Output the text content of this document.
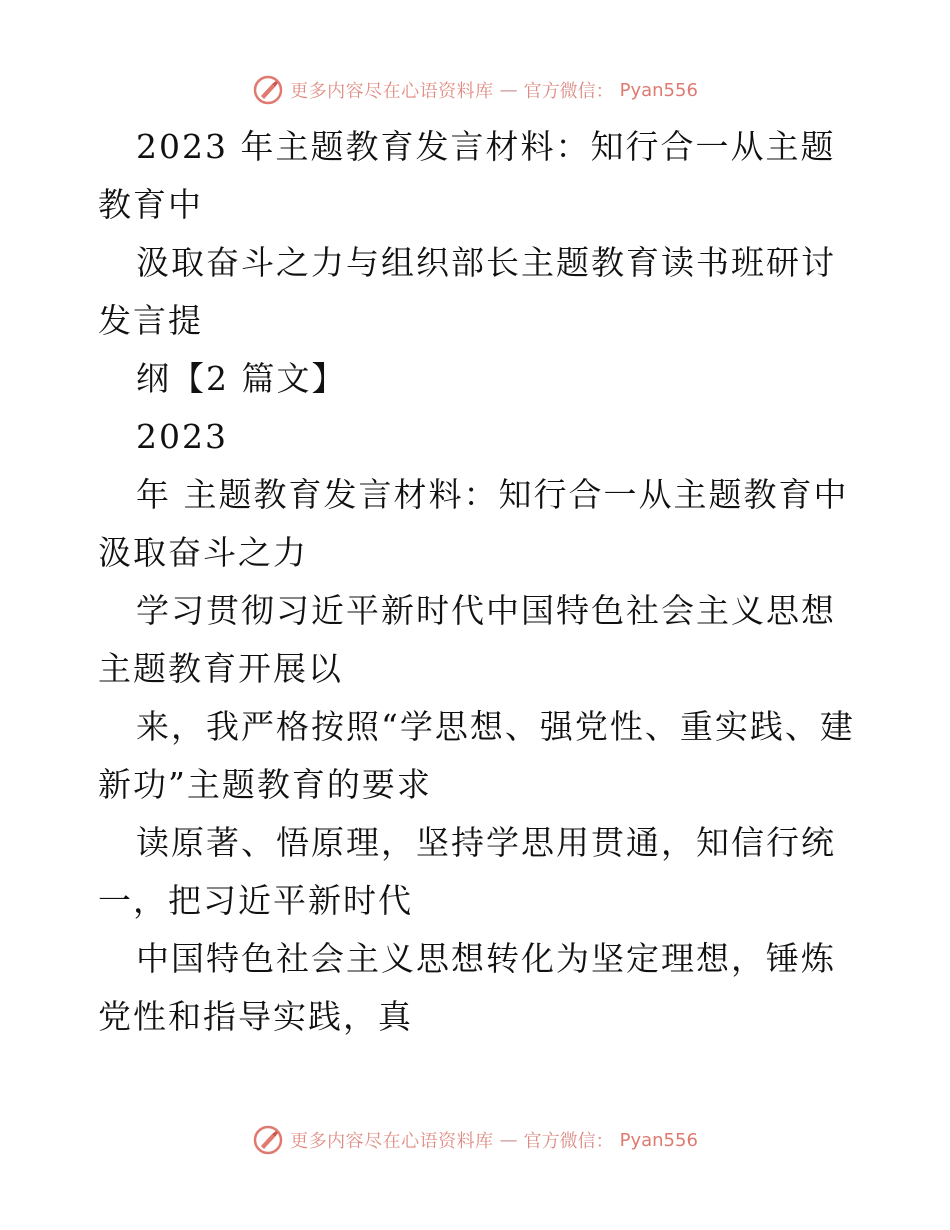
更多内容尽在心语资料库 — 官方微信： Pyan556

2023 年主题教育发言材料：知行合一从主题教育中

汲取奋斗之力与组织部长主题教育读书班研讨发言提

纲【2 篇文】

2023

年 主题教育发言材料：知行合一从主题教育中汲取奋斗之力

学习贯彻习近平新时代中国特色社会主义思想主题教育开展以

来，我严格按照“学思想、强党性、重实践、建新功”主题教育的要求

读原著、悟原理，坚持学思用贯通，知信行统一，把习近平新时代

中国特色社会主义思想转化为坚定理想，锤炼党性和指导实践，真

更多内容尽在心语资料库 — 官方微信： Pyan556
